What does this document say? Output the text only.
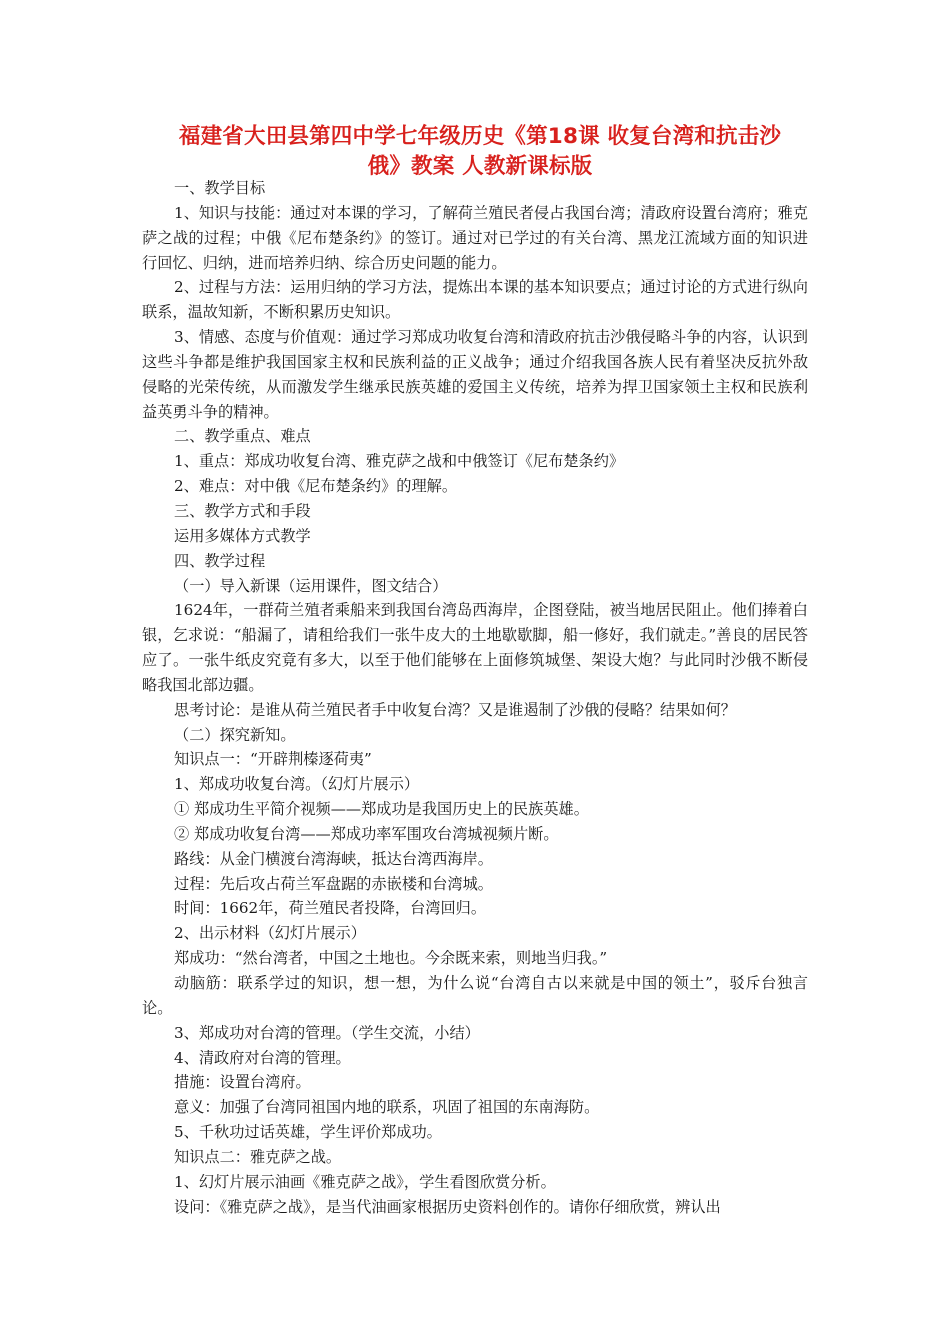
福建省大田县第四中学七年级历史《第18课 收复台湾和抗击沙
俄》教案 人教新课标版

一、教学目标

1、知识与技能：通过对本课的学习，了解荷兰殖民者侵占我国台湾；清政府设置台湾府；雅克萨之战的过程；中俄《尼布楚条约》的签订。通过对已学过的有关台湾、黑龙江流域方面的知识进行回忆、归纳，进而培养归纳、综合历史问题的能力。

2、过程与方法：运用归纳的学习方法，提炼出本课的基本知识要点；通过讨论的方式进行纵向联系，温故知新，不断积累历史知识。

3、情感、态度与价值观：通过学习郑成功收复台湾和清政府抗击沙俄侵略斗争的内容，认识到这些斗争都是维护我国国家主权和民族利益的正义战争；通过介绍我国各族人民有着坚决反抗外敌侵略的光荣传统，从而激发学生继承民族英雄的爱国主义传统，培养为捍卫国家领土主权和民族利益英勇斗争的精神。

二、教学重点、难点

1、重点：郑成功收复台湾、雅克萨之战和中俄签订《尼布楚条约》

2、难点：对中俄《尼布楚条约》的理解。

三、教学方式和手段

运用多媒体方式教学

四、教学过程

（一）导入新课（运用课件，图文结合）

1624年，一群荷兰殖者乘船来到我国台湾岛西海岸，企图登陆，被当地居民阻止。他们捧着白银，乞求说：“船漏了，请租给我们一张牛皮大的土地歇歇脚，船一修好，我们就走。”善良的居民答应了。一张牛纸皮究竟有多大，以至于他们能够在上面修筑城堡、架设大炮？与此同时沙俄不断侵略我国北部边疆。

思考讨论：是谁从荷兰殖民者手中收复台湾？又是谁遏制了沙俄的侵略？结果如何？

（二）探究新知。

知识点一：“开辟荆榛逐荷夷”

1、郑成功收复台湾。（幻灯片展示）

① 郑成功生平简介视频——郑成功是我国历史上的民族英雄。

② 郑成功收复台湾——郑成功率军围攻台湾城视频片断。

路线：从金门横渡台湾海峡，抵达台湾西海岸。

过程：先后攻占荷兰军盘踞的赤嵌楼和台湾城。

时间：1662年，荷兰殖民者投降，台湾回归。

2、出示材料（幻灯片展示）

郑成功：“然台湾者，中国之土地也。今余既来索，则地当归我。”

动脑筋：联系学过的知识，想一想，为什么说“台湾自古以来就是中国的领土”，驳斥台独言论。

3、郑成功对台湾的管理。（学生交流，小结）

4、清政府对台湾的管理。

措施：设置台湾府。

意义：加强了台湾同祖国内地的联系，巩固了祖国的东南海防。

5、千秋功过话英雄，学生评价郑成功。

知识点二：雅克萨之战。

1、幻灯片展示油画《雅克萨之战》，学生看图欣赏分析。

设问：《雅克萨之战》，是当代油画家根据历史资料创作的。请你仔细欣赏，辨认出
